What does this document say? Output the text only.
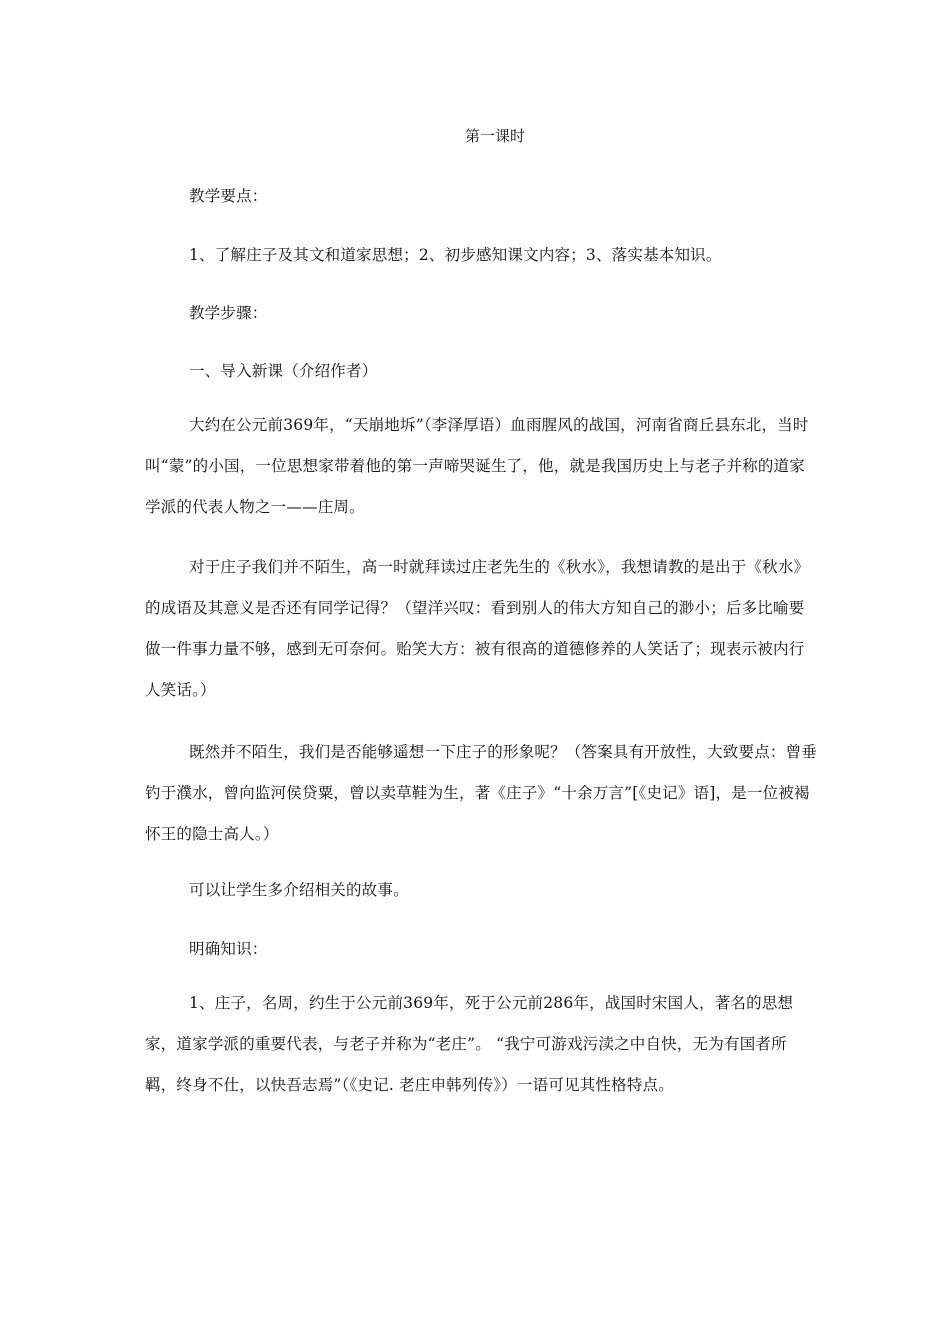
第一课时

教学要点：

1、了解庄子及其文和道家思想；2、初步感知课文内容；3、落实基本知识。

教学步骤：

一、导入新课（介绍作者）

大约在公元前369年，“天崩地坼”（李泽厚语）血雨腥风的战国，河南省商丘县东北，当时叫“蒙”的小国，一位思想家带着他的第一声啼哭诞生了，他，就是我国历史上与老子并称的道家学派的代表人物之一——庄周。

对于庄子我们并不陌生，高一时就拜读过庄老先生的《秋水》，我想请教的是出于《秋水》的成语及其意义是否还有同学记得？（望洋兴叹：看到别人的伟大方知自己的渺小；后多比喻要做一件事力量不够，感到无可奈何。贻笑大方：被有很高的道德修养的人笑话了；现表示被内行人笑话。）

既然并不陌生，我们是否能够遥想一下庄子的形象呢？（答案具有开放性，大致要点：曾垂钓于濮水，曾向监河侯贷粟，曾以卖草鞋为生，著《庄子》“十余万言”[《史记》语]，是一位被褐怀王的隐士高人。）

可以让学生多介绍相关的故事。

明确知识：

1、庄子，名周，约生于公元前369年，死于公元前286年，战国时宋国人，著名的思想家，道家学派的重要代表，与老子并称为“老庄”。 “我宁可游戏污渎之中自快，无为有国者所羁，终身不仕，以快吾志焉”（《史记. 老庄申韩列传》）一语可见其性格特点。
